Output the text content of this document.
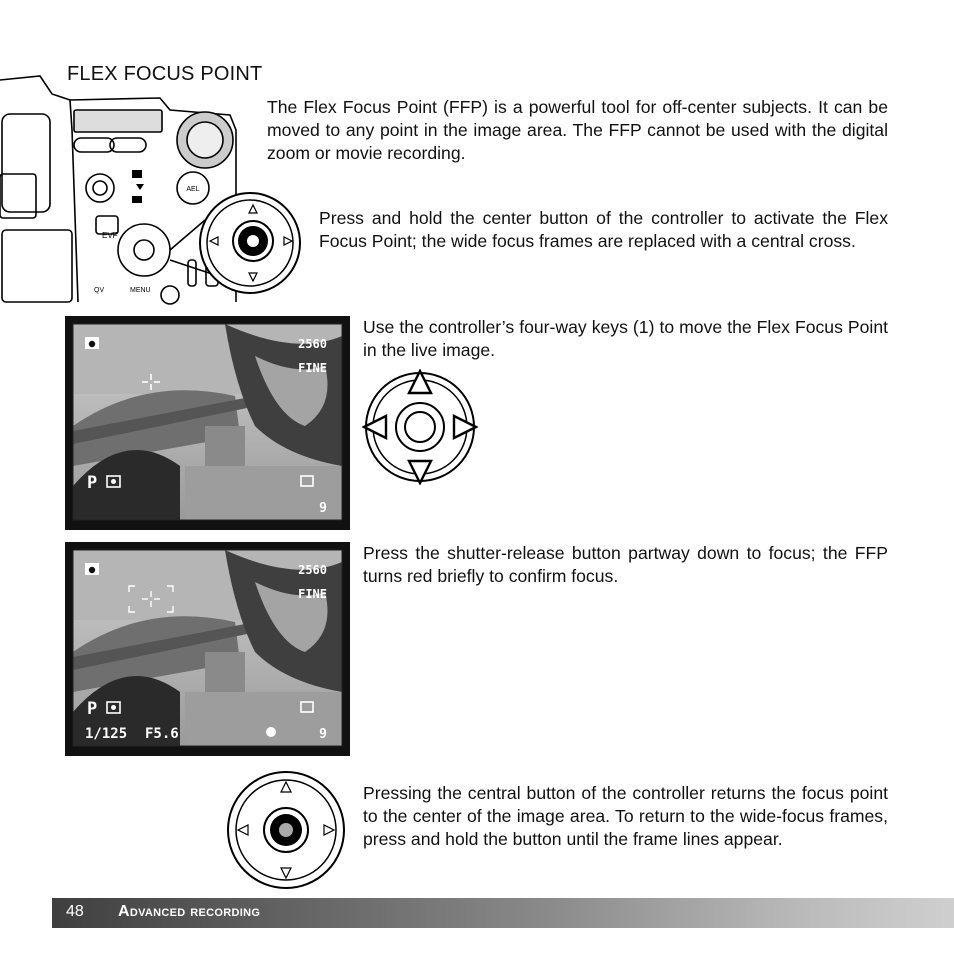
FLEX FOCUS POINT
EVF
AEL
QV	MENU

The Flex Focus Point (FFP) is a powerful tool for off-center subjects. It can be moved to any point in the image area. The FFP cannot be used with the digital zoom or movie recording.

Press and hold the center button of the controller to activate the Flex Focus Point; the wide focus frames are replaced with a central cross.

Use the controller’s four-way keys (1) to move the Flex Focus Point in the live image.

Press the shutter-release button partway down to focus; the FFP turns red briefly to confirm focus.

Pressing the central button of the controller returns the focus point to the center of the image area. To return to the wide-focus frames, press and hold the button until the frame lines appear.

2560
FINE
P
9
2560
FINE
P
1/125 F5.6	9
48 Advanced recording
